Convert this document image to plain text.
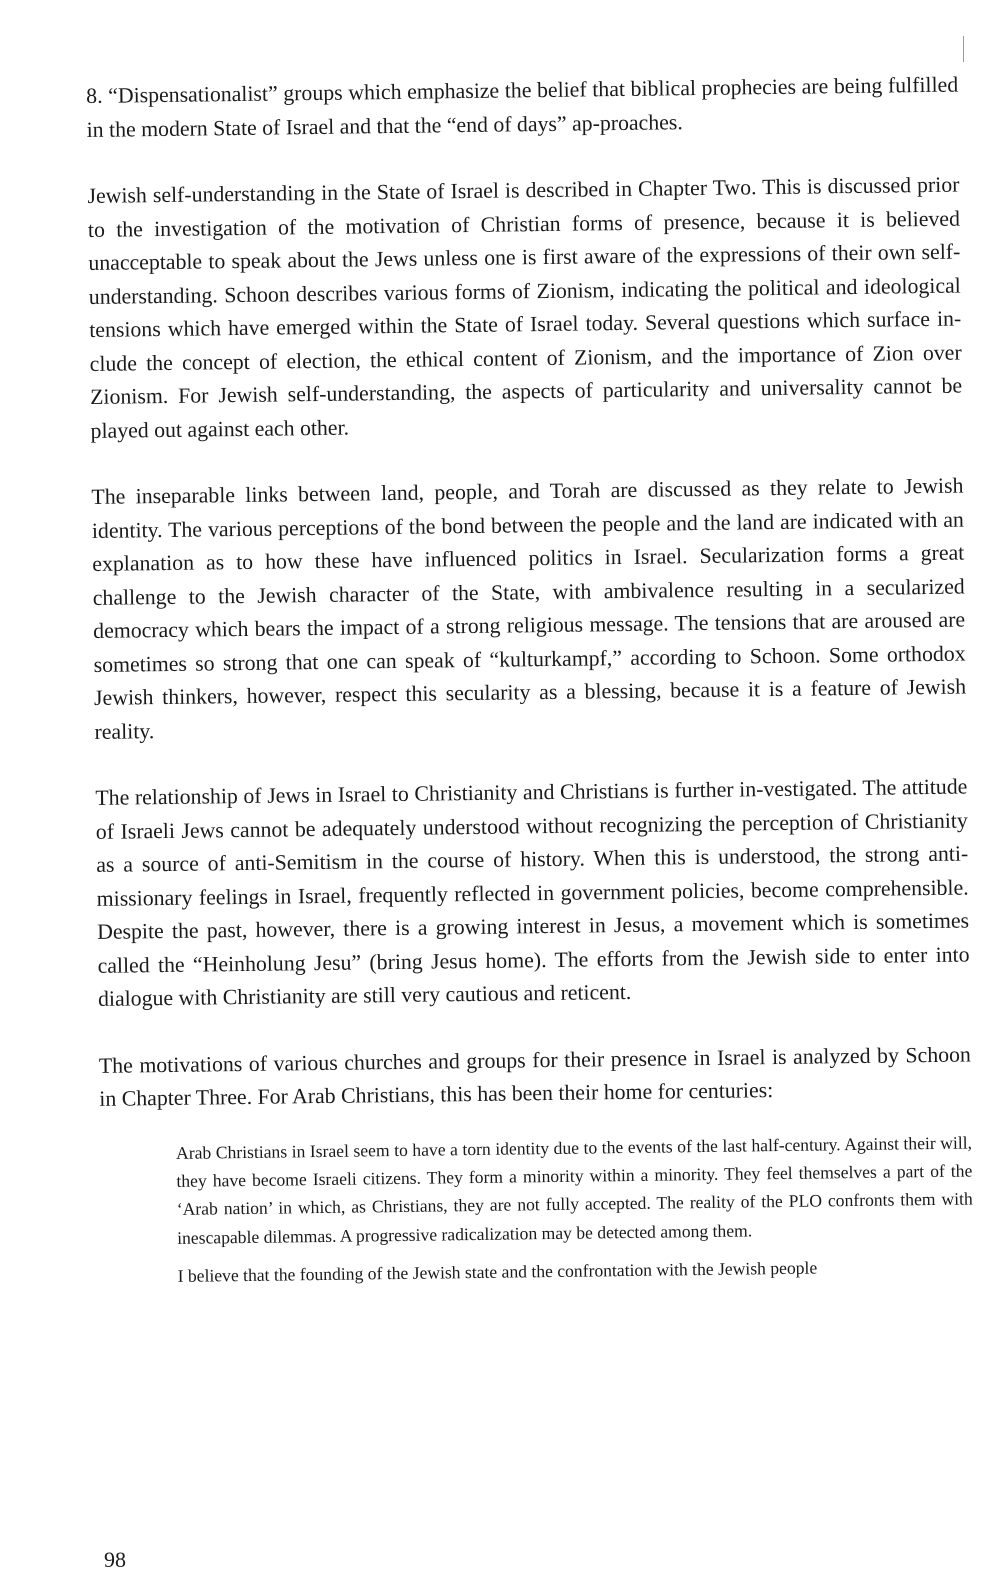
8. “Dispensationalist” groups which emphasize the belief that biblical prophecies are being fulfilled in the modern State of Israel and that the “end of days” ap-proaches.

Jewish self-understanding in the State of Israel is described in Chapter Two. This is discussed prior to the investigation of the motivation of Christian forms of presence, because it is believed unacceptable to speak about the Jews unless one is first aware of the expressions of their own self-understanding. Schoon describes various forms of Zionism, indicating the political and ideological tensions which have emerged within the State of Israel today. Several questions which surface in-clude the concept of election, the ethical content of Zionism, and the importance of Zion over Zionism. For Jewish self-understanding, the aspects of particularity and universality cannot be played out against each other.

The inseparable links between land, people, and Torah are discussed as they relate to Jewish identity. The various perceptions of the bond between the people and the land are indicated with an explanation as to how these have influenced politics in Israel. Secularization forms a great challenge to the Jewish character of the State, with ambivalence resulting in a secularized democracy which bears the impact of a strong religious message. The tensions that are aroused are sometimes so strong that one can speak of “kulturkampf,” according to Schoon. Some orthodox Jewish thinkers, however, respect this secularity as a blessing, because it is a feature of Jewish reality.

The relationship of Jews in Israel to Christianity and Christians is further in-vestigated. The attitude of Israeli Jews cannot be adequately understood without recognizing the perception of Christianity as a source of anti-Semitism in the course of history. When this is understood, the strong anti-missionary feelings in Israel, frequently reflected in government policies, become comprehensible. Despite the past, however, there is a growing interest in Jesus, a movement which is sometimes called the “Heinholung Jesu” (bring Jesus home). The efforts from the Jewish side to enter into dialogue with Christianity are still very cautious and reticent.

The motivations of various churches and groups for their presence in Israel is analyzed by Schoon in Chapter Three. For Arab Christians, this has been their home for centuries:

Arab Christians in Israel seem to have a torn identity due to the events of the last half-century. Against their will, they have become Israeli citizens. They form a minority within a minority. They feel themselves a part of the ‘Arab nation’ in which, as Christians, they are not fully accepted. The reality of the PLO confronts them with inescapable dilemmas. A progressive radicalization may be detected among them.

I believe that the founding of the Jewish state and the confrontation with the Jewish people

98
